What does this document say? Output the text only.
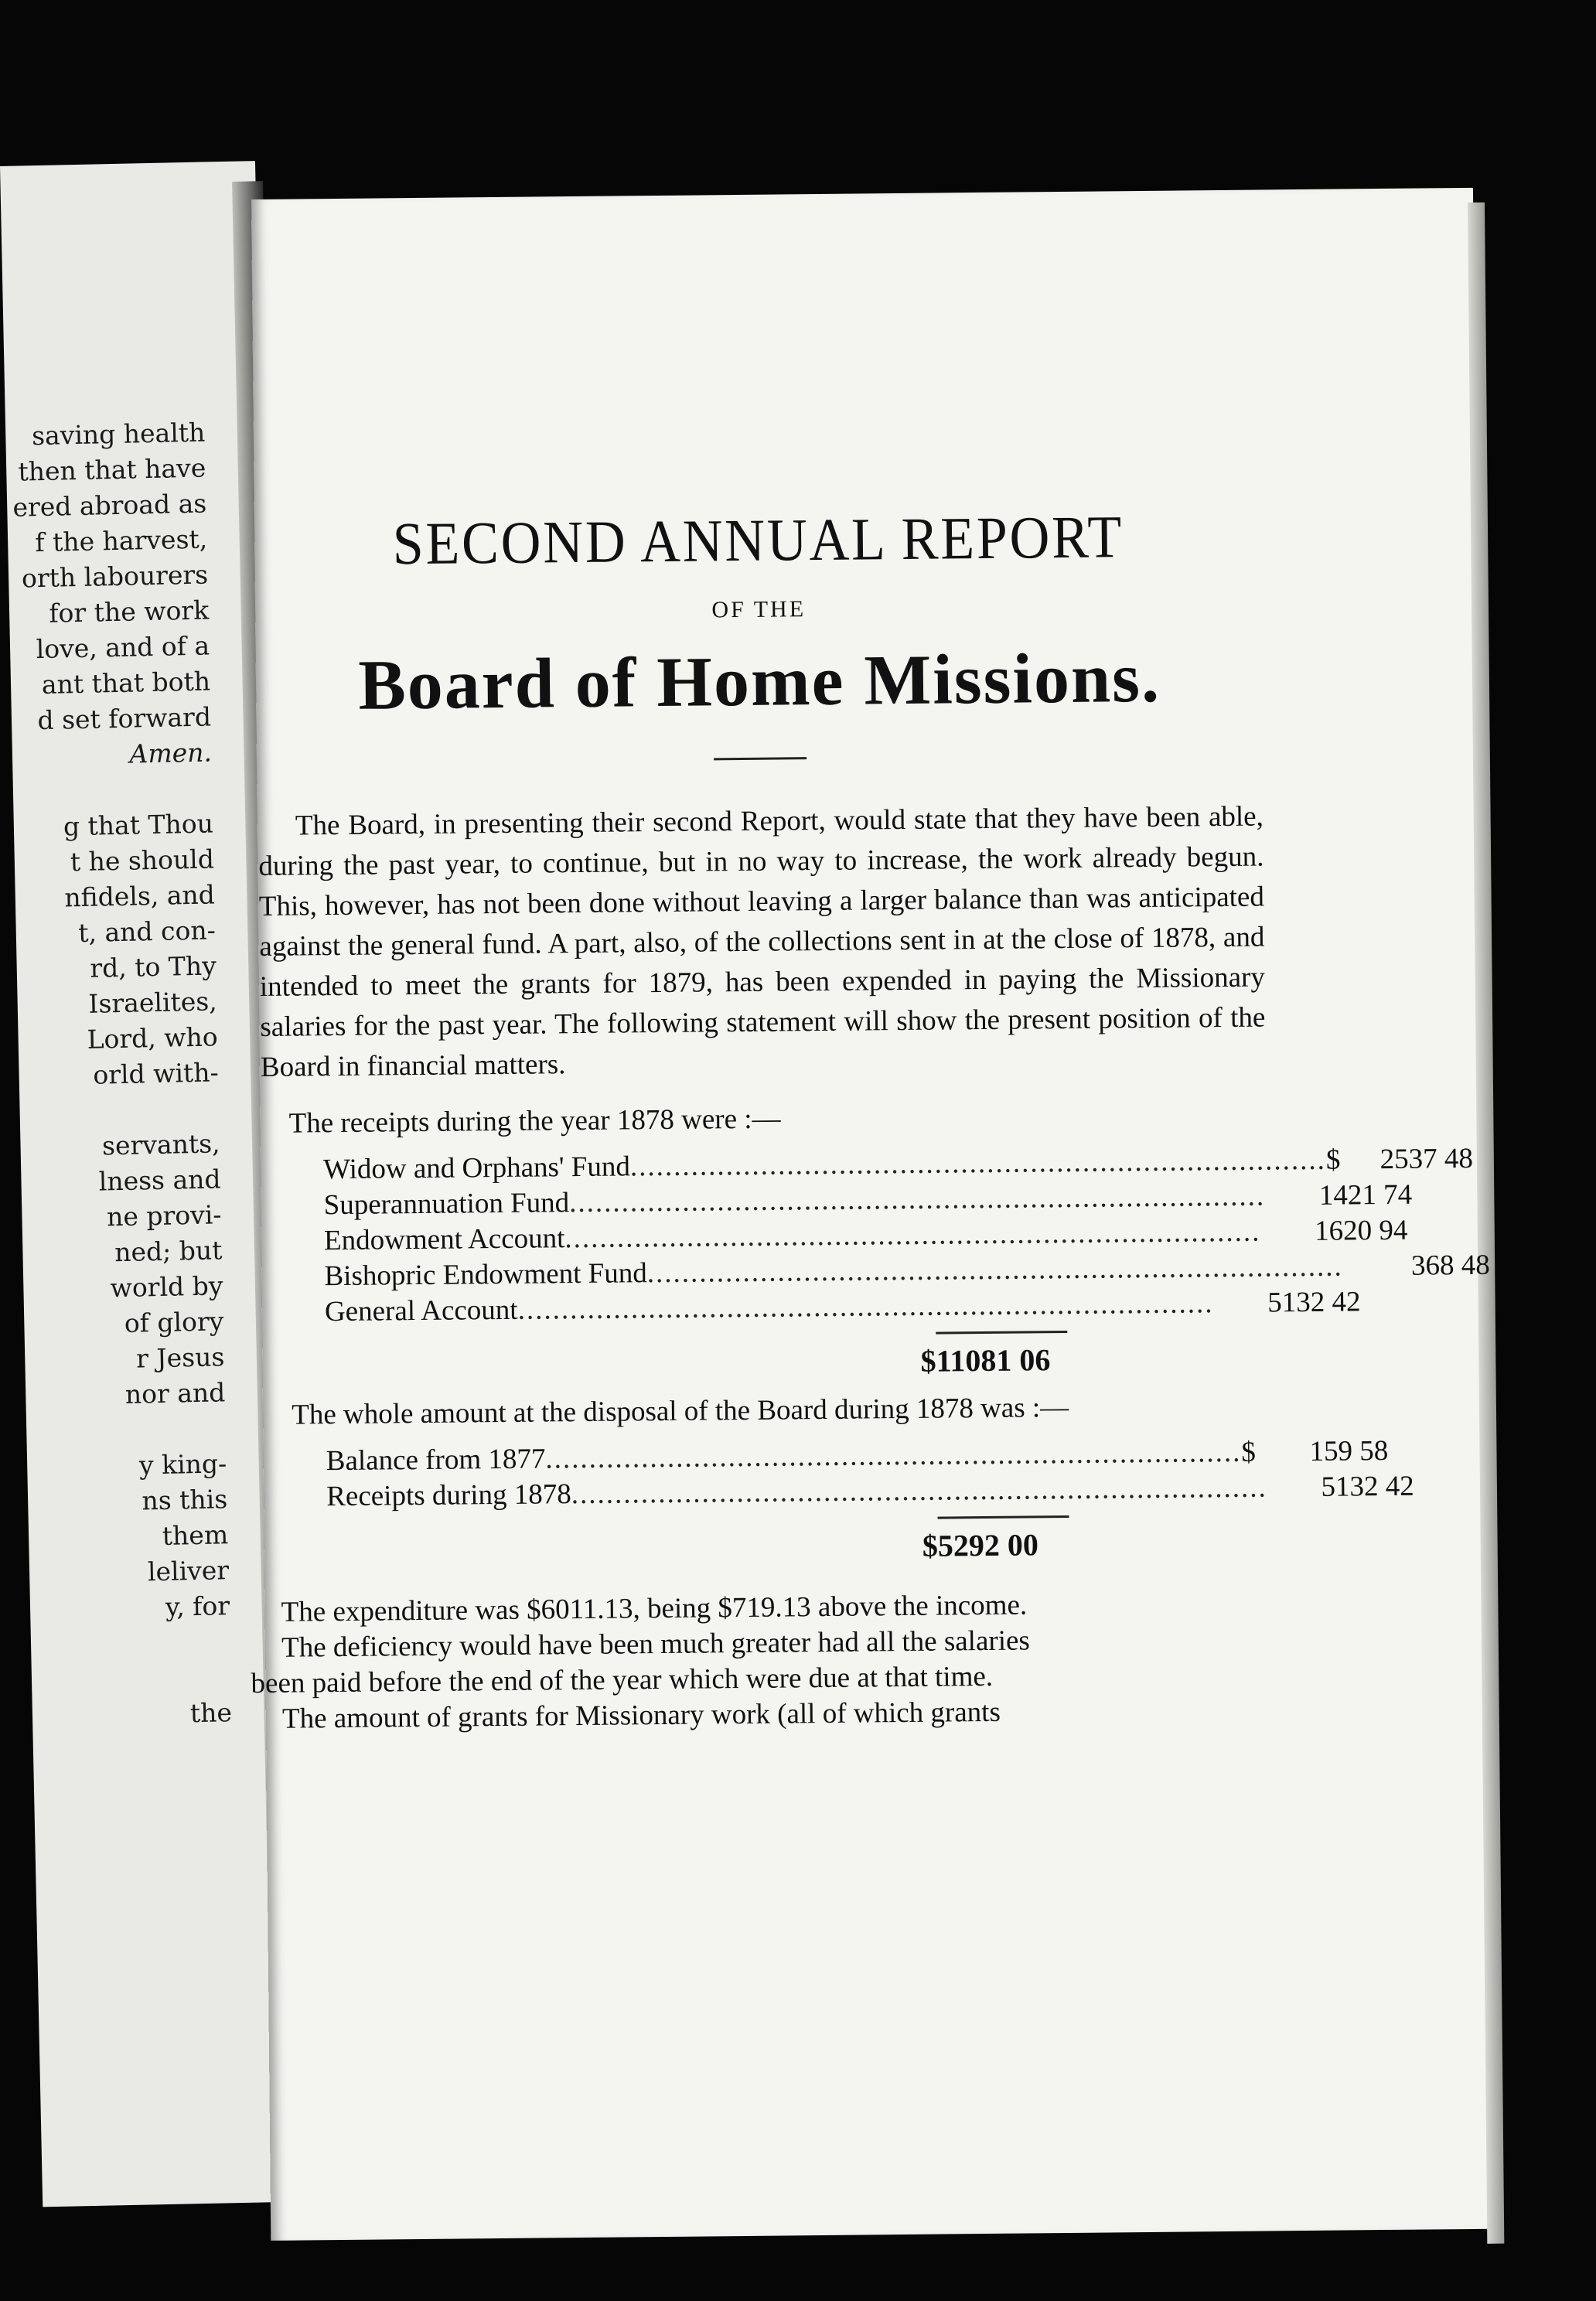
saving health
then that have
ered abroad as
f the harvest,
orth labourers
for the work
love, and of a
ant that both
d set forward
Amen.
g that Thou
t he should
nfidels, and
t, and con-
rd, to Thy
Israelites,
Lord, who
orld with-
servants,
lness and
ne provi-
ned; but
world by
of glory
r Jesus
nor and
y king-
ns this
them
leliver
y, for
the

SECOND ANNUAL REPORT
OF THE
Board of Home Missions.

The Board, in presenting their second Report, would state that they have been able, during the past year, to continue, but in no way to increase, the work already begun. This, however, has not been done without leaving a larger balance than was anticipated against the general fund. A part, also, of the collections sent in at the close of 1878, and intended to meet the grants for 1879, has been expended in paying the Missionary salaries for the past year. The following statement will show the present position of the Board in financial matters.

The receipts during the year 1878 were :—
Widow and Orphans' Fund ................................................................................ $	2537 48
Superannuation Fund ................................................................................	1421 74
Endowment Account ................................................................................	1620 94
Bishopric Endowment Fund ................................................................................	368 48
General Account ................................................................................	5132 42
$11081 06
The whole amount at the disposal of the Board during 1878 was :—
Balance from 1877 ................................................................................ $	159 58
Receipts during 1878 ................................................................................	5132 42
$5292 00
The expenditure was $6011.13, being $719.13 above the income.
The deficiency would have been much greater had all the salaries
been paid before the end of the year which were due at that time.
The amount of grants for Missionary work (all of which grants
